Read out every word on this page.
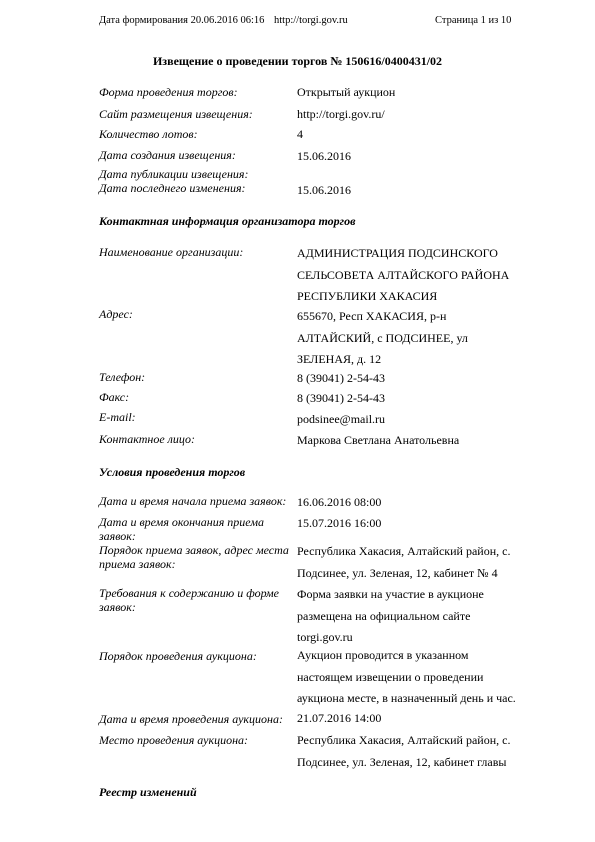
Дата формирования 20.06.2016 06:16 http://torgi.gov.ru	Страница 1 из 10
Извещение о проведении торгов № 150616/0400431/02
Форма проведения торгов:	Открытый аукцион
Сайт размещения извещения:	http://torgi.gov.ru/
Количество лотов:	4
Дата создания извещения:	15.06.2016
Дата публикации извещения:
Дата последнего изменения:	15.06.2016
Контактная информация организатора торгов
Наименование организации:	АДМИНИСТРАЦИЯ ПОДСИНСКОГО СЕЛЬСОВЕТА АЛТАЙСКОГО РАЙОНА РЕСПУБЛИКИ ХАКАСИЯ
Адрес:	655670, Респ ХАКАСИЯ, р-н АЛТАЙСКИЙ, с ПОДСИНЕЕ, ул ЗЕЛЕНАЯ, д. 12
Телефон:	8 (39041) 2-54-43
Факс:	8 (39041) 2-54-43
E-mail:	podsinee@mail.ru
Контактное лицо:	Маркова Светлана Анатольевна
Условия проведения торгов
Дата и время начала приема заявок: 16.06.2016 08:00
Дата и время окончания приема заявок:
15.07.2016 16:00
Порядок приема заявок, адрес места приема заявок:
Республика Хакасия, Алтайский район, с. Подсинее, ул. Зеленая, 12, кабинет № 4
Требования к содержанию и форме заявок:
Форма заявки на участие в аукционе размещена на официальном сайте torgi.gov.ru
Порядок проведения аукциона:	Аукцион проводится в указанном настоящем извещении о проведении аукциона месте, в назначенный день и час.
Дата и время проведения аукциона:	21.07.2016 14:00
Место проведения аукциона:	Республика Хакасия, Алтайский район, с. Подсинее, ул. Зеленая, 12, кабинет главы
Реестр изменений
